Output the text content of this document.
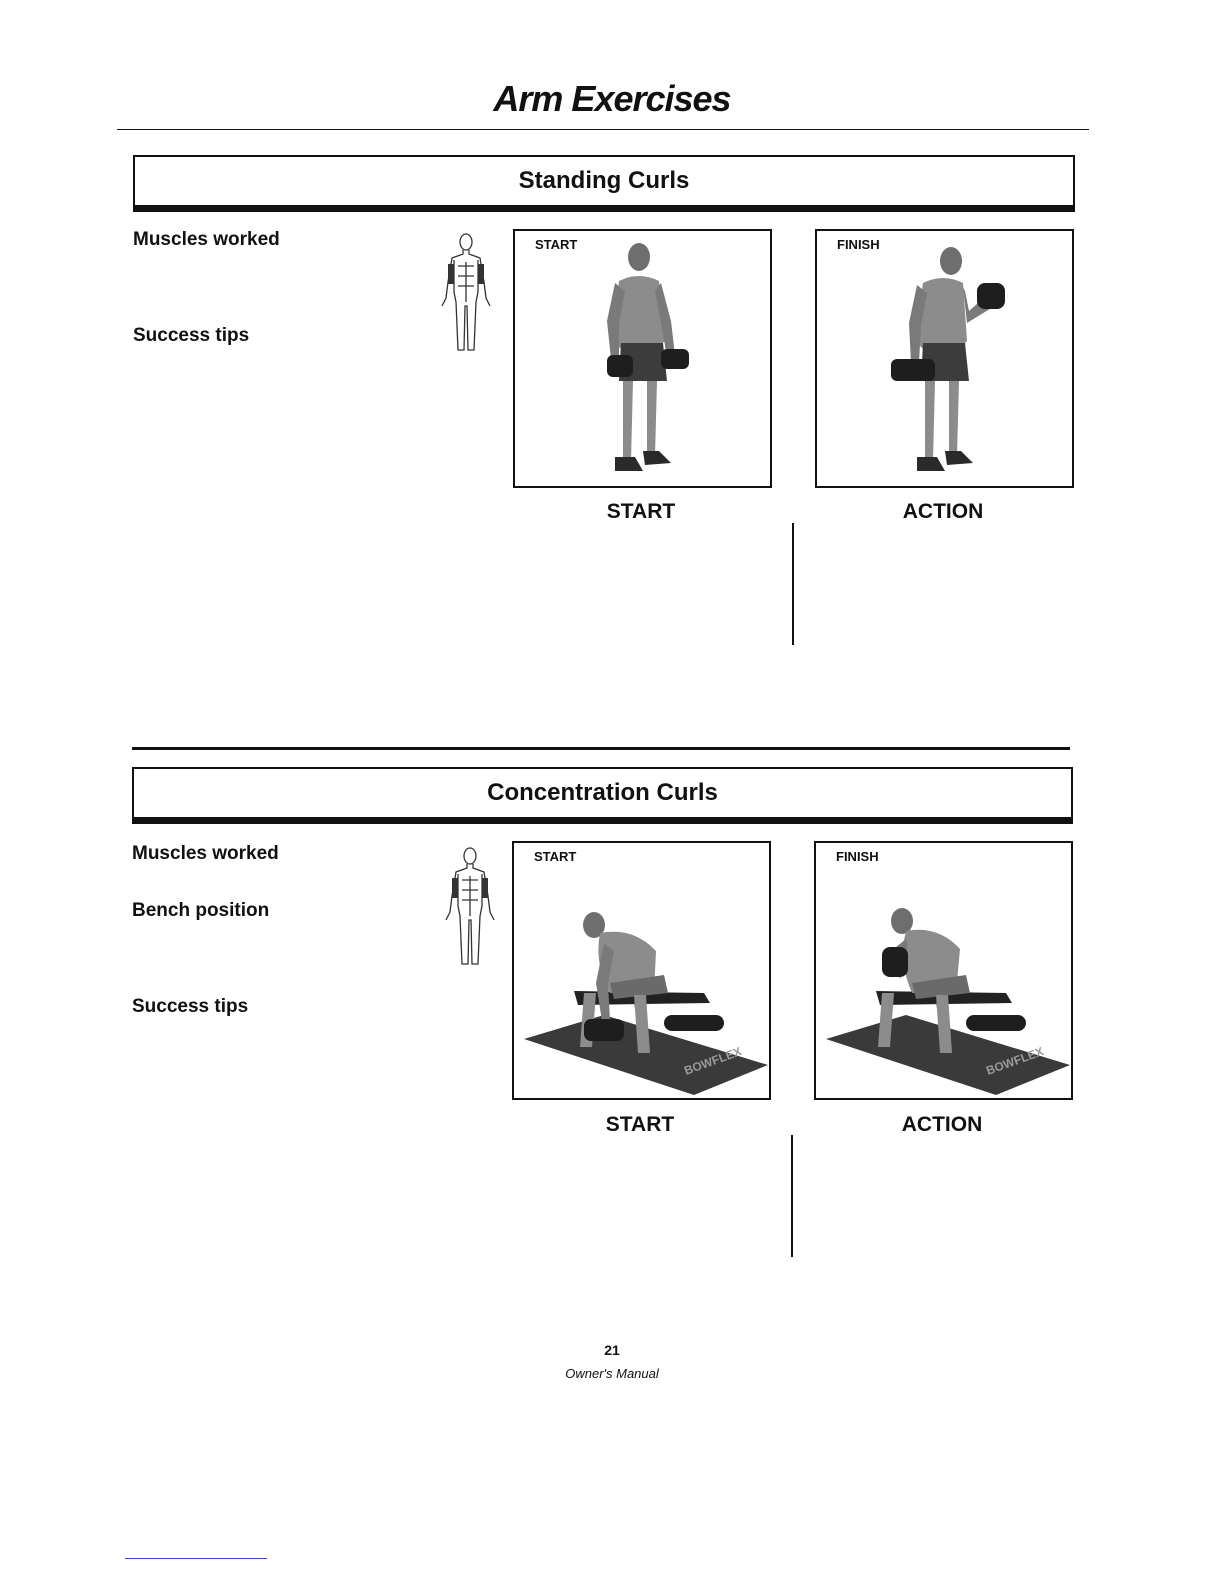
Arm Exercises
Standing Curls
Muscles worked
Success tips
START
START
FINISH
ACTION
Concentration Curls
Muscles worked
Bench position
Success tips
START
BOWFLEX
START
FINISH
BOWFLEX
ACTION
21
Owner's Manual
